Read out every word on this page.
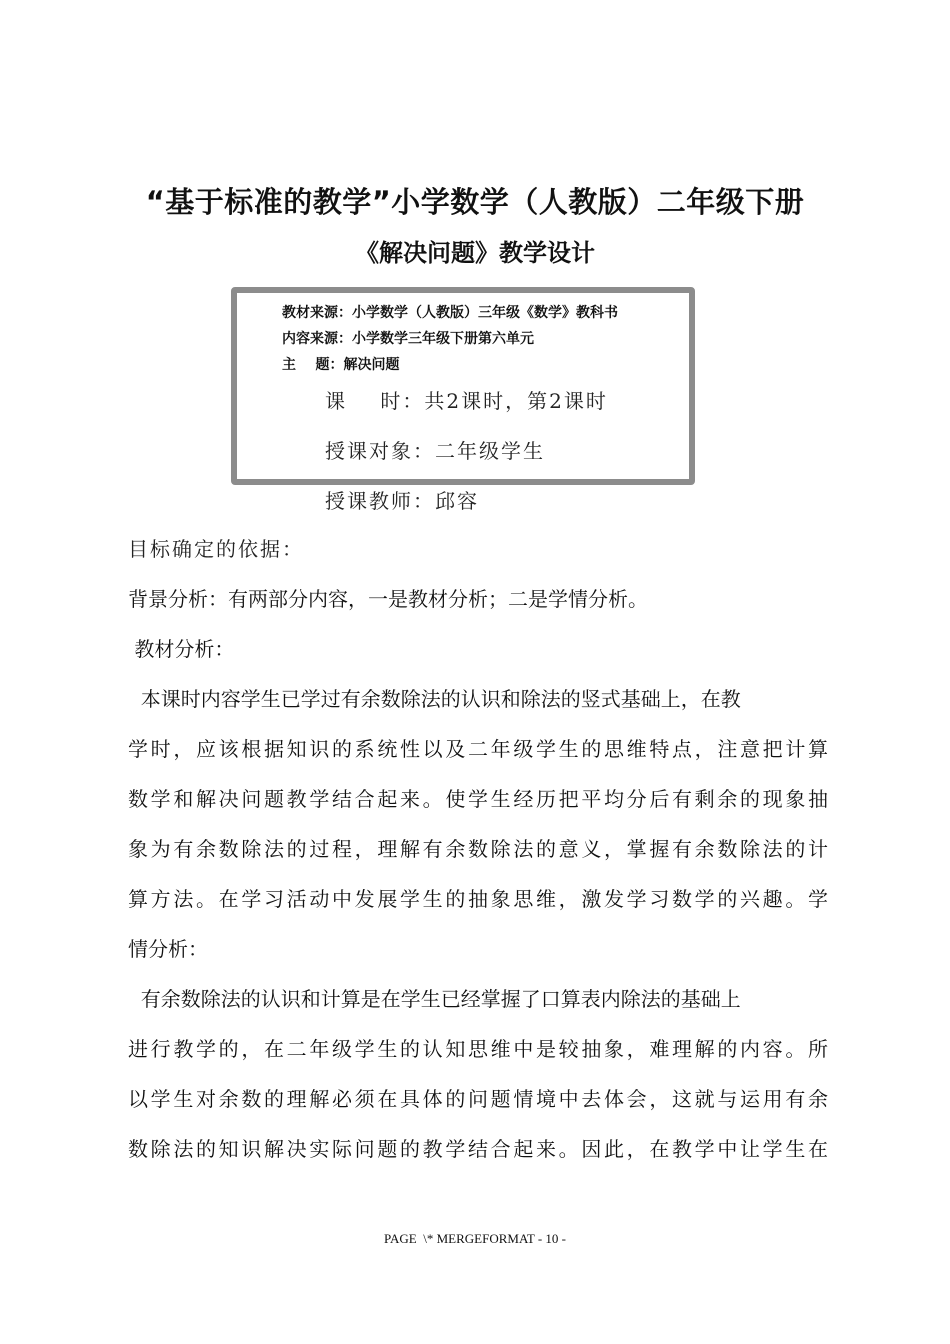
“基于标准的教学”小学数学（人教版）二年级下册
《解决问题》教学设计
教材来源：小学数学（人教版）三年级《数学》教科书
内容来源：小学数学三年级下册第六单元
主    题：解决问题
课    时：共2课时，第2课时
授课对象：二年级学生
授课教师：邱容
目标确定的依据：
背景分析：有两部分内容，一是教材分析；二是学情分析。
教材分析：
本课时内容学生已学过有余数除法的认识和除法的竖式基础上，在教
学时，应该根据知识的系统性以及二年级学生的思维特点，注意把计算
数学和解决问题教学结合起来。使学生经历把平均分后有剩余的现象抽
象为有余数除法的过程，理解有余数除法的意义，掌握有余数除法的计
算方法。在学习活动中发展学生的抽象思维，激发学习数学的兴趣。学
情分析：
有余数除法的认识和计算是在学生已经掌握了口算表内除法的基础上
进行教学的，在二年级学生的认知思维中是较抽象，难理解的内容。所
以学生对余数的理解必须在具体的问题情境中去体会，这就与运用有余
数除法的知识解决实际问题的教学结合起来。因此，在教学中让学生在
PAGE  \* MERGEFORMAT - 10 -
